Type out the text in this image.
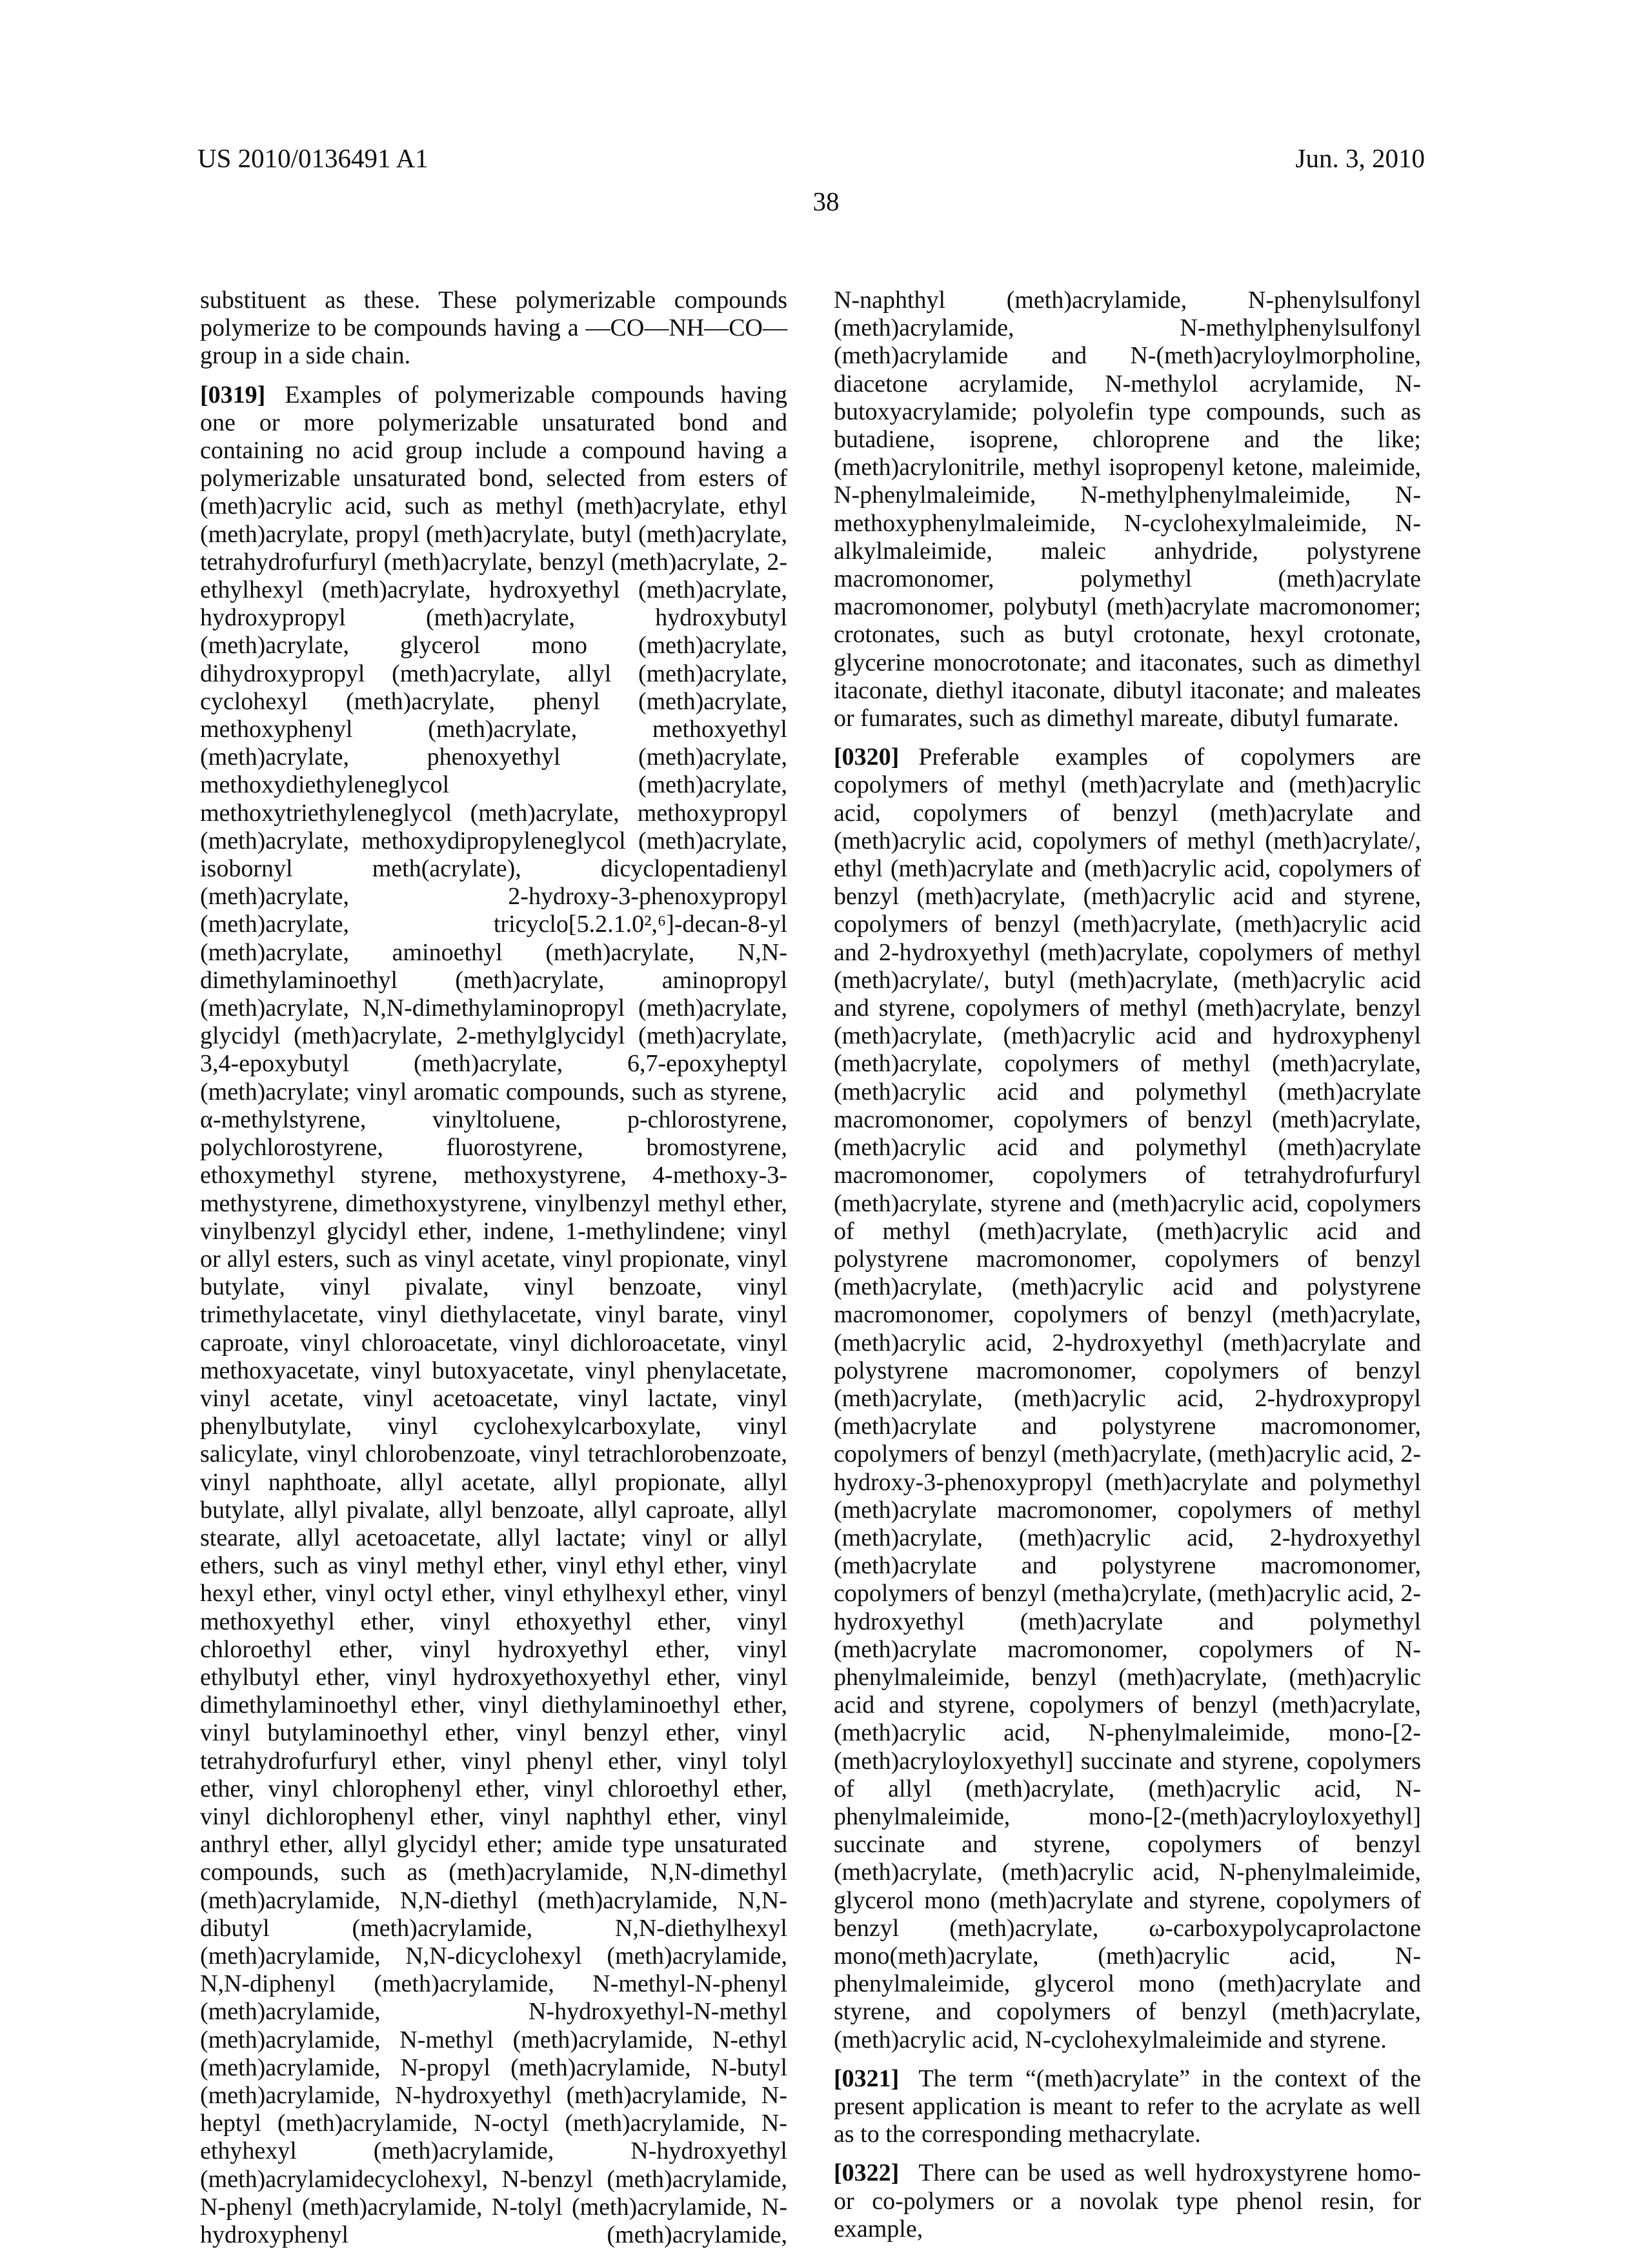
US 2010/0136491 A1	Jun. 3, 2010
38

substituent as these. These polymerizable compounds polymerize to be compounds having a —CO—NH—CO— group in a side chain.

[0319] Examples of polymerizable compounds having one or more polymerizable unsaturated bond and containing no acid group include a compound having a polymerizable unsaturated bond, selected from esters of (meth)acrylic acid, such as methyl (meth)acrylate, ethyl (meth)acrylate, propyl (meth)acrylate, butyl (meth)acrylate, tetrahydrofurfuryl (meth)acrylate, benzyl (meth)acrylate, 2-ethylhexyl (meth)acrylate, hydroxyethyl (meth)acrylate, hydroxypropyl (meth)acrylate, hydroxybutyl (meth)acrylate, glycerol mono (meth)acrylate, dihydroxypropyl (meth)acrylate, allyl (meth)acrylate, cyclohexyl (meth)acrylate, phenyl (meth)acrylate, methoxyphenyl (meth)acrylate, methoxyethyl (meth)acrylate, phenoxyethyl (meth)acrylate, methoxydiethyleneglycol (meth)acrylate, methoxytriethyleneglycol (meth)acrylate, methoxypropyl (meth)acrylate, methoxydipropyleneglycol (meth)acrylate, isobornyl meth(acrylate), dicyclopentadienyl (meth)acrylate, 2-hydroxy-3-phenoxypropyl (meth)acrylate, tricyclo[5.2.1.0²,⁶]-decan-8-yl (meth)acrylate, aminoethyl (meth)acrylate, N,N-dimethylaminoethyl (meth)acrylate, aminopropyl (meth)acrylate, N,N-dimethylaminopropyl (meth)acrylate, glycidyl (meth)acrylate, 2-methylglycidyl (meth)acrylate, 3,4-epoxybutyl (meth)acrylate, 6,7-epoxyheptyl (meth)acrylate; vinyl aromatic compounds, such as styrene, α-methylstyrene, vinyltoluene, p-chlorostyrene, polychlorostyrene, fluorostyrene, bromostyrene, ethoxymethyl styrene, methoxystyrene, 4-methoxy-3-methystyrene, dimethoxystyrene, vinylbenzyl methyl ether, vinylbenzyl glycidyl ether, indene, 1-methylindene; vinyl or allyl esters, such as vinyl acetate, vinyl propionate, vinyl butylate, vinyl pivalate, vinyl benzoate, vinyl trimethylacetate, vinyl diethylacetate, vinyl barate, vinyl caproate, vinyl chloroacetate, vinyl dichloroacetate, vinyl methoxyacetate, vinyl butoxyacetate, vinyl phenylacetate, vinyl acetate, vinyl acetoacetate, vinyl lactate, vinyl phenylbutylate, vinyl cyclohexylcarboxylate, vinyl salicylate, vinyl chlorobenzoate, vinyl tetrachlorobenzoate, vinyl naphthoate, allyl acetate, allyl propionate, allyl butylate, allyl pivalate, allyl benzoate, allyl caproate, allyl stearate, allyl acetoacetate, allyl lactate; vinyl or allyl ethers, such as vinyl methyl ether, vinyl ethyl ether, vinyl hexyl ether, vinyl octyl ether, vinyl ethylhexyl ether, vinyl methoxyethyl ether, vinyl ethoxyethyl ether, vinyl chloroethyl ether, vinyl hydroxyethyl ether, vinyl ethylbutyl ether, vinyl hydroxyethoxyethyl ether, vinyl dimethylaminoethyl ether, vinyl diethylaminoethyl ether, vinyl butylaminoethyl ether, vinyl benzyl ether, vinyl tetrahydrofurfuryl ether, vinyl phenyl ether, vinyl tolyl ether, vinyl chlorophenyl ether, vinyl chloroethyl ether, vinyl dichlorophenyl ether, vinyl naphthyl ether, vinyl anthryl ether, allyl glycidyl ether; amide type unsaturated compounds, such as (meth)acrylamide, N,N-dimethyl (meth)acrylamide, N,N-diethyl (meth)acrylamide, N,N-dibutyl (meth)acrylamide, N,N-diethylhexyl (meth)acrylamide, N,N-dicyclohexyl (meth)acrylamide, N,N-diphenyl (meth)acrylamide, N-methyl-N-phenyl (meth)acrylamide, N-hydroxyethyl-N-methyl (meth)acrylamide, N-methyl (meth)acrylamide, N-ethyl (meth)acrylamide, N-propyl (meth)acrylamide, N-butyl (meth)acrylamide, N-hydroxyethyl (meth)acrylamide, N-heptyl (meth)acrylamide, N-octyl (meth)acrylamide, N-ethyhexyl (meth)acrylamide, N-hydroxyethyl (meth)acrylamidecyclohexyl, N-benzyl (meth)acrylamide, N-phenyl (meth)acrylamide, N-tolyl (meth)acrylamide, N-hydroxyphenyl (meth)acrylamide,

N-naphthyl (meth)acrylamide, N-phenylsulfonyl (meth)acrylamide, N-methylphenylsulfonyl (meth)acrylamide and N-(meth)acryloylmorpholine, diacetone acrylamide, N-methylol acrylamide, N-butoxyacrylamide; polyolefin type compounds, such as butadiene, isoprene, chloroprene and the like; (meth)acrylonitrile, methyl isopropenyl ketone, maleimide, N-phenylmaleimide, N-methylphenylmaleimide, N-methoxyphenylmaleimide, N-cyclohexylmaleimide, N-alkylmaleimide, maleic anhydride, polystyrene macromonomer, polymethyl (meth)acrylate macromonomer, polybutyl (meth)acrylate macromonomer; crotonates, such as butyl crotonate, hexyl crotonate, glycerine monocrotonate; and itaconates, such as dimethyl itaconate, diethyl itaconate, dibutyl itaconate; and maleates or fumarates, such as dimethyl mareate, dibutyl fumarate.

[0320] Preferable examples of copolymers are copolymers of methyl (meth)acrylate and (meth)acrylic acid, copolymers of benzyl (meth)acrylate and (meth)acrylic acid, copolymers of methyl (meth)acrylate/, ethyl (meth)acrylate and (meth)acrylic acid, copolymers of benzyl (meth)acrylate, (meth)acrylic acid and styrene, copolymers of benzyl (meth)acrylate, (meth)acrylic acid and 2-hydroxyethyl (meth)acrylate, copolymers of methyl (meth)acrylate/, butyl (meth)acrylate, (meth)acrylic acid and styrene, copolymers of methyl (meth)acrylate, benzyl (meth)acrylate, (meth)acrylic acid and hydroxyphenyl (meth)acrylate, copolymers of methyl (meth)acrylate, (meth)acrylic acid and polymethyl (meth)acrylate macromonomer, copolymers of benzyl (meth)acrylate, (meth)acrylic acid and polymethyl (meth)acrylate macromonomer, copolymers of tetrahydrofurfuryl (meth)acrylate, styrene and (meth)acrylic acid, copolymers of methyl (meth)acrylate, (meth)acrylic acid and polystyrene macromonomer, copolymers of benzyl (meth)acrylate, (meth)acrylic acid and polystyrene macromonomer, copolymers of benzyl (meth)acrylate, (meth)acrylic acid, 2-hydroxyethyl (meth)acrylate and polystyrene macromonomer, copolymers of benzyl (meth)acrylate, (meth)acrylic acid, 2-hydroxypropyl (meth)acrylate and polystyrene macromonomer, copolymers of benzyl (meth)acrylate, (meth)acrylic acid, 2-hydroxy-3-phenoxypropyl (meth)acrylate and polymethyl (meth)acrylate macromonomer, copolymers of methyl (meth)acrylate, (meth)acrylic acid, 2-hydroxyethyl (meth)acrylate and polystyrene macromonomer, copolymers of benzyl (metha)crylate, (meth)acrylic acid, 2-hydroxyethyl (meth)acrylate and polymethyl (meth)acrylate macromonomer, copolymers of N-phenylmaleimide, benzyl (meth)acrylate, (meth)acrylic acid and styrene, copolymers of benzyl (meth)acrylate, (meth)acrylic acid, N-phenylmaleimide, mono-[2-(meth)acryloyloxyethyl] succinate and styrene, copolymers of allyl (meth)acrylate, (meth)acrylic acid, N-phenylmaleimide, mono-[2-(meth)acryloyloxyethyl] succinate and styrene, copolymers of benzyl (meth)acrylate, (meth)acrylic acid, N-phenylmaleimide, glycerol mono (meth)acrylate and styrene, copolymers of benzyl (meth)acrylate, ω-carboxypolycaprolactone mono(meth)acrylate, (meth)acrylic acid, N-phenylmaleimide, glycerol mono (meth)acrylate and styrene, and copolymers of benzyl (meth)acrylate, (meth)acrylic acid, N-cyclohexylmaleimide and styrene.

[0321] The term “(meth)acrylate” in the context of the present application is meant to refer to the acrylate as well as to the corresponding methacrylate.

[0322] There can be used as well hydroxystyrene homo- or co-polymers or a novolak type phenol resin, for example,
